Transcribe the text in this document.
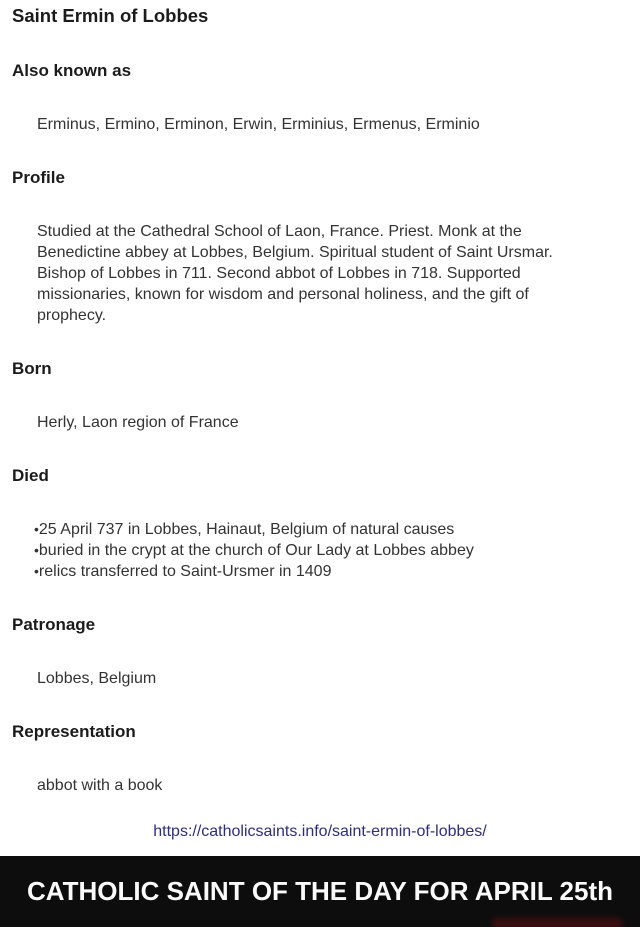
Saint Ermin of Lobbes
Also known as

Erminus, Ermino, Erminon, Erwin, Erminius, Ermenus, Erminio

Profile

Studied at the Cathedral School of Laon, France. Priest. Monk at the Benedictine abbey at Lobbes, Belgium. Spiritual student of Saint Ursmar. Bishop of Lobbes in 711. Second abbot of Lobbes in 718. Supported missionaries, known for wisdom and personal holiness, and the gift of prophecy.

Born

Herly, Laon region of France

Died
• 25 April 737 in Lobbes, Hainaut, Belgium of natural causes
• buried in the crypt at the church of Our Lady at Lobbes abbey
• relics transferred to Saint-Ursmer in 1409
Patronage

Lobbes, Belgium

Representation

abbot with a book

https://catholicsaints.info/saint-ermin-of-lobbes/
CATHOLIC SAINT OF THE DAY FOR APRIL 25th
